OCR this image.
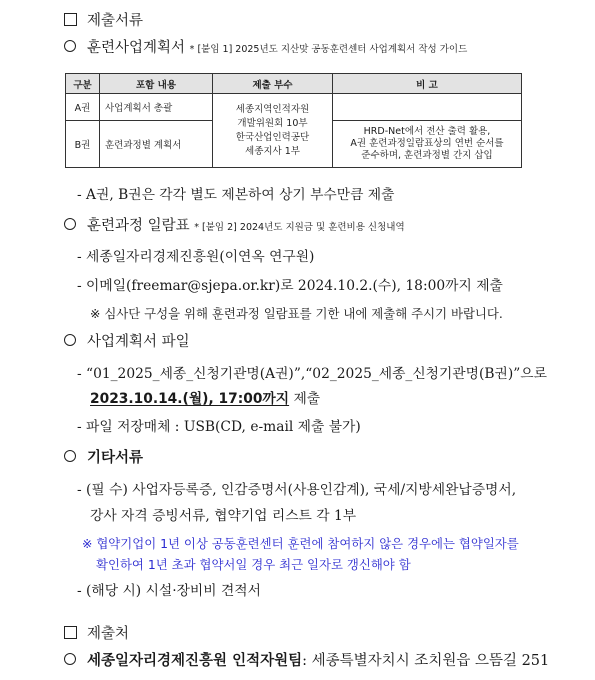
제출서류
훈련사업계획서 * [붙임 1] 2025년도 지산맞 공동훈련센터 사업계획서 작성 가이드
구분	포함 내용	제출 부수	비 고
A권	사업계획서 총괄	세종지역인적자원
개발위원회 10부
한국산업인력공단
세종지사 1부	

B권	훈련과정별 계획서		HRD-Net에서 전산 출력 활용,
A권 훈련과정일람표상의 연번 순서를
준수하며, 훈련과정별 간지 삽입
- A권, B권은 각각 별도 제본하여 상기 부수만큼 제출
훈련과정 일람표 * [붙임 2] 2024년도 지원금 및 훈련비용 신청내역
- 세종일자리경제진흥원(이연옥 연구원)
- 이메일(freemar@sjepa.or.kr)로 2024.10.2.(수), 18:00까지 제출
※ 심사단 구성을 위해 훈련과정 일람표를 기한 내에 제출해 주시기 바랍니다.
사업계획서 파일
- “01_2025_세종_신청기관명(A권)”,“02_2025_세종_신청기관명(B권)”으로
2023.10.14.(월), 17:00까지 제출
- 파일 저장매체 : USB(CD, e-mail 제출 불가)
기타서류
- (필 수) 사업자등록증, 인감증명서(사용인감계), 국세/지방세완납증명서,
강사 자격 증빙서류, 협약기업 리스트 각 1부
※ 협약기업이 1년 이상 공동훈련센터 훈련에 참여하지 않은 경우에는 협약일자를
확인하여 1년 초과 협약서일 경우 최근 일자로 갱신해야 함
- (해당 시) 시설·장비비 견적서
제출처
세종일자리경제진흥원 인적자원팀: 세종특별자치시 조치원읍 으뜸길 251
